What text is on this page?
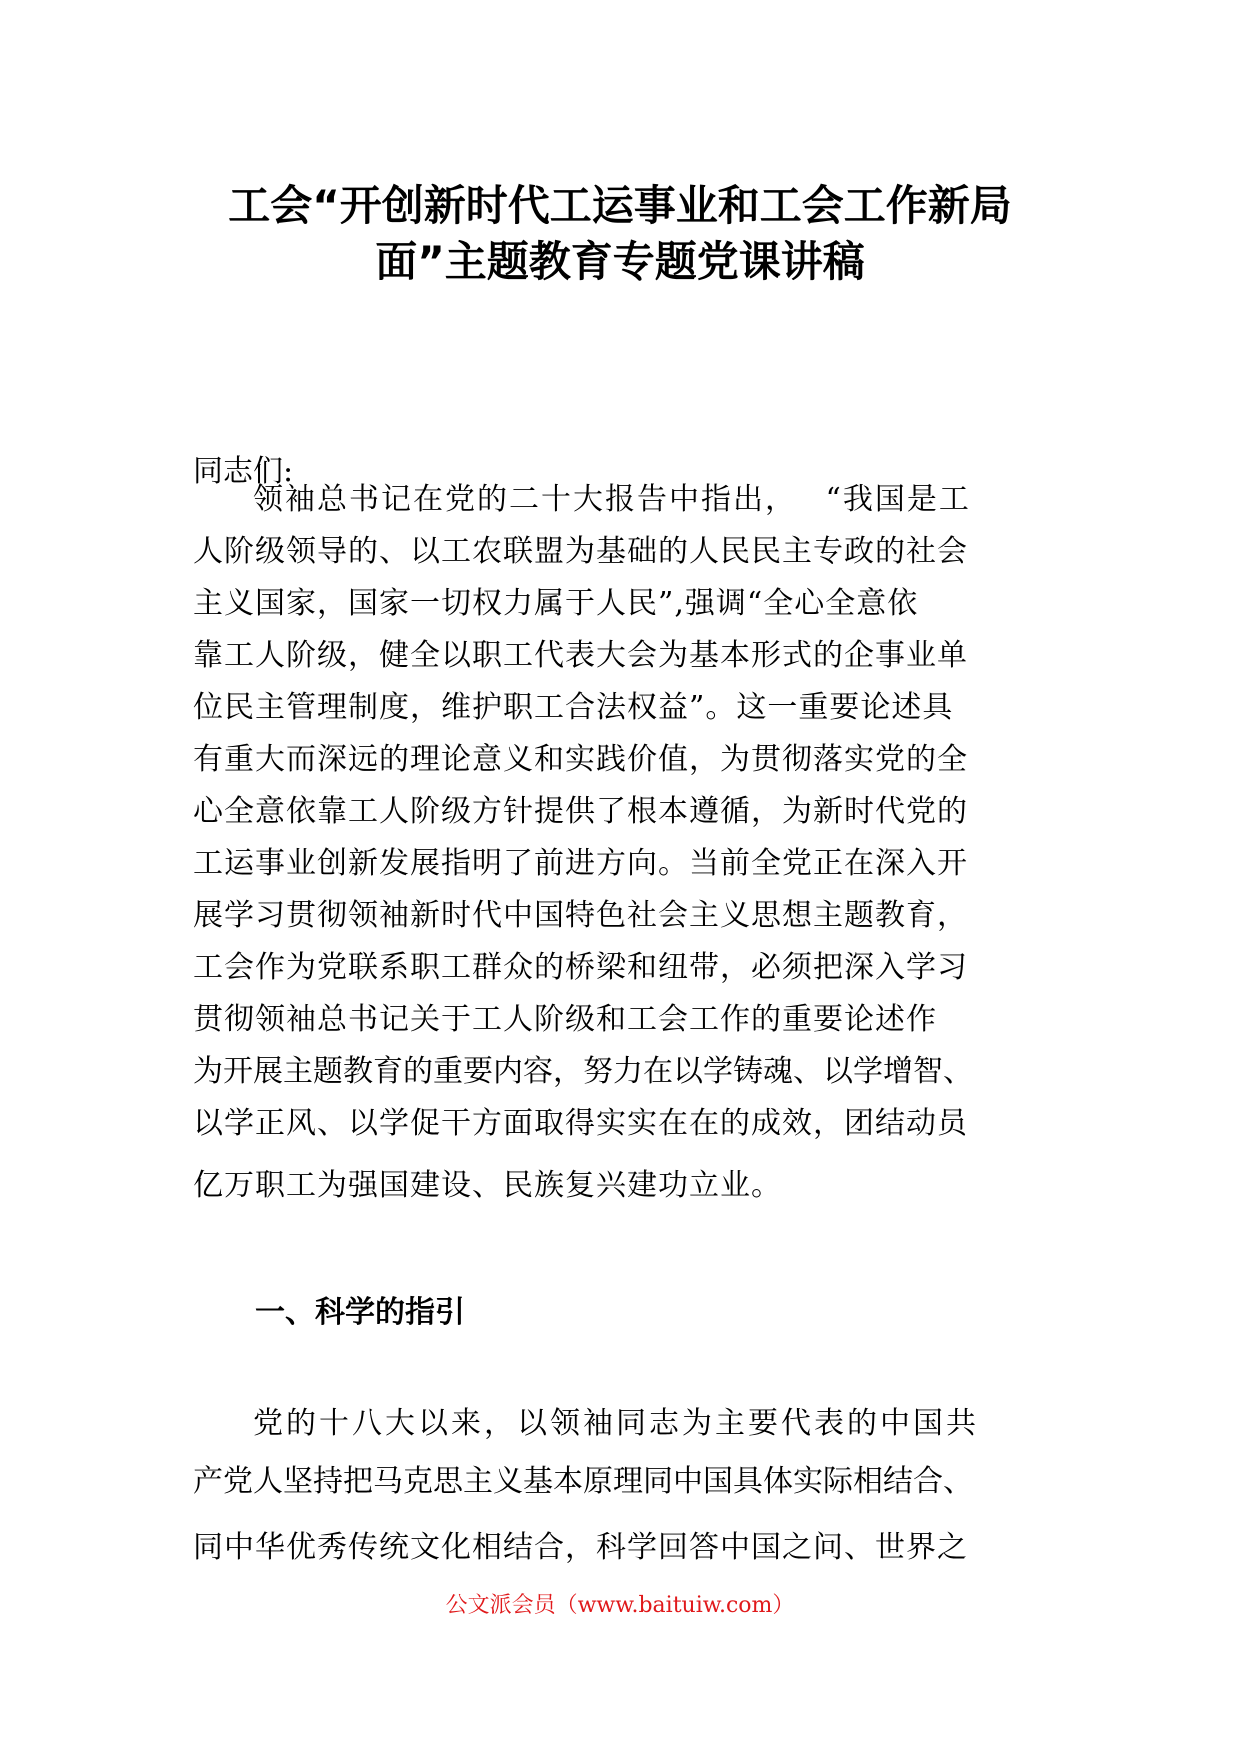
工会“开创新时代工运事业和工会工作新局
面”主题教育专题党课讲稿
同志们:
领袖总书记在党的二十大报告中指出，　 “我国是工
人阶级领导的、以工农联盟为基础的人民民主专政的社会
主义国家，国家一切权力属于人民”,强调“全心全意依
靠工人阶级，健全以职工代表大会为基本形式的企事业单
位民主管理制度，维护职工合法权益”。这一重要论述具
有重大而深远的理论意义和实践价值，为贯彻落实党的全
心全意依靠工人阶级方针提供了根本遵循，为新时代党的
工运事业创新发展指明了前进方向。当前全党正在深入开
展学习贯彻领袖新时代中国特色社会主义思想主题教育，
工会作为党联系职工群众的桥梁和纽带，必须把深入学习
贯彻领袖总书记关于工人阶级和工会工作的重要论述作
为开展主题教育的重要内容，努力在以学铸魂、以学增智、
以学正风、以学促干方面取得实实在在的成效，团结动员
亿万职工为强国建设、民族复兴建功立业。
一、科学的指引
党的十八大以来，以领袖同志为主要代表的中国共
产党人坚持把马克思主义基本原理同中国具体实际相结合、
同中华优秀传统文化相结合，科学回答中国之问、世界之
公文派会员（www.baituiw.com）
